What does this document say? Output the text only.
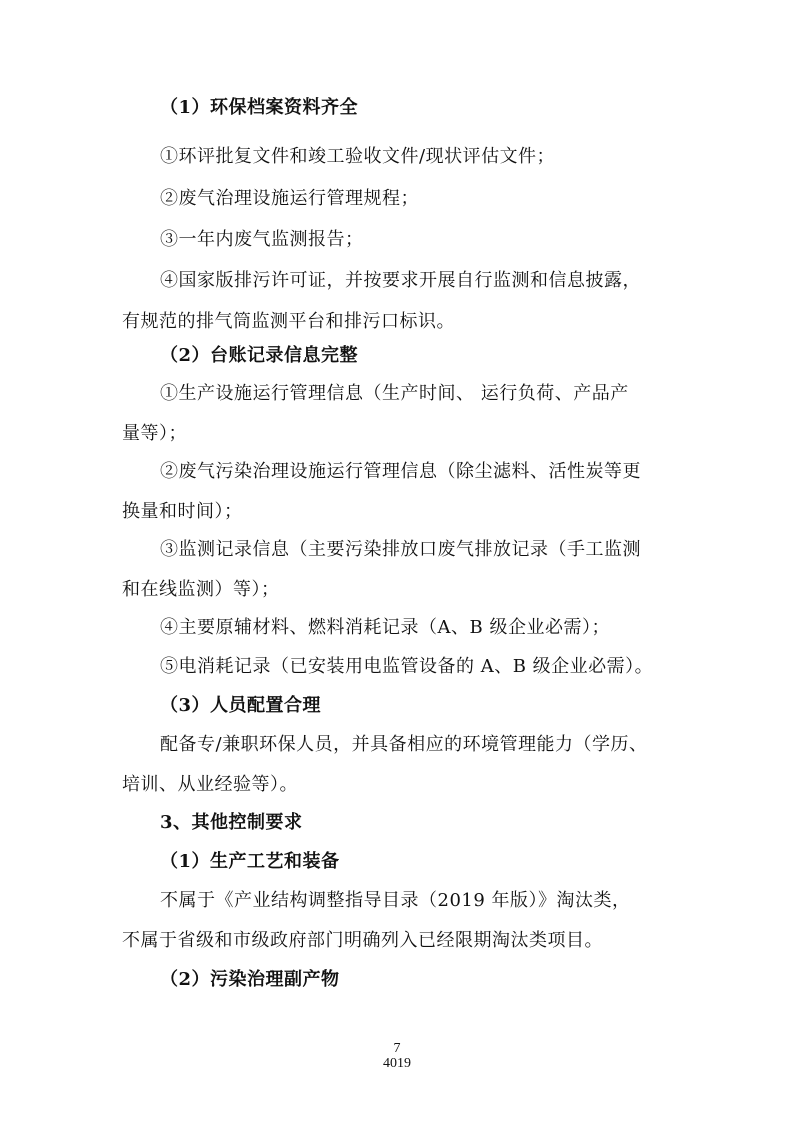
（1）环保档案资料齐全
①环评批复文件和竣工验收文件/现状评估文件；
②废气治理设施运行管理规程；
③一年内废气监测报告；
④国家版排污许可证，并按要求开展自行监测和信息披露，
有规范的排气筒监测平台和排污口标识。
（2）台账记录信息完整
①生产设施运行管理信息（生产时间、 运行负荷、产品产
量等）；
②废气污染治理设施运行管理信息（除尘滤料、活性炭等更
换量和时间）；
③监测记录信息（主要污染排放口废气排放记录（手工监测
和在线监测）等）；
④主要原辅材料、燃料消耗记录（A、B 级企业必需）；
⑤电消耗记录（已安装用电监管设备的 A、B 级企业必需）。
（3）人员配置合理
配备专/兼职环保人员，并具备相应的环境管理能力（学历、
培训、从业经验等）。
3、其他控制要求
（1）生产工艺和装备
不属于《产业结构调整指导目录（2019 年版）》淘汰类，
不属于省级和市级政府部门明确列入已经限期淘汰类项目。
（2）污染治理副产物
7
4019
